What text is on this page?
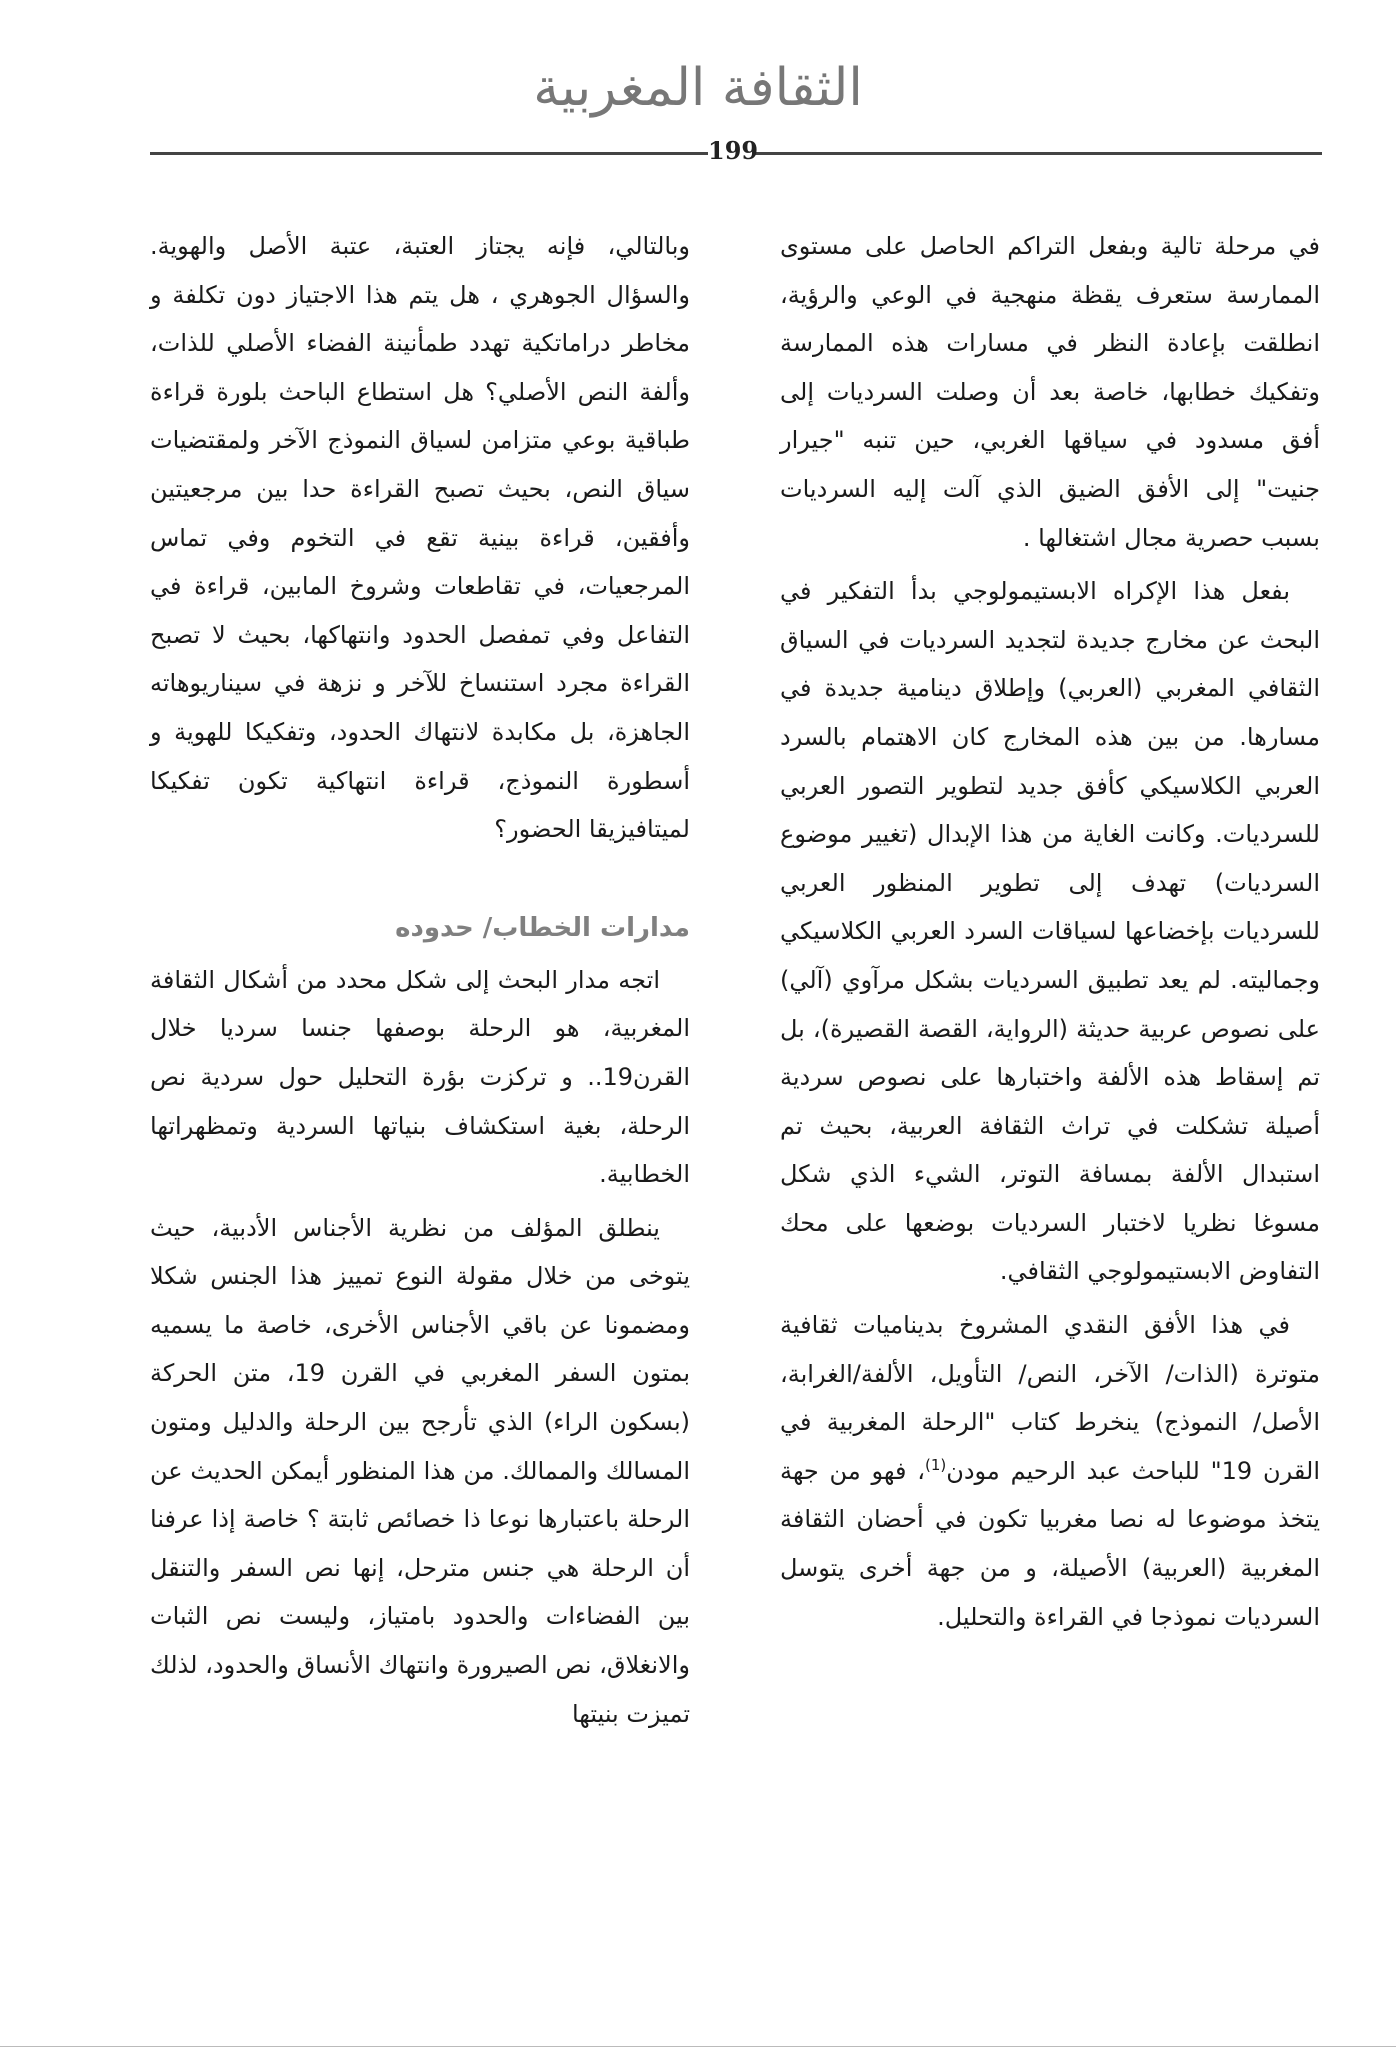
الثقافة المغربية
199

في مرحلة تالية وبفعل التراكم الحاصل على مستوى الممارسة ستعرف يقظة منهجية في الوعي والرؤية، انطلقت بإعادة النظر في مسارات هذه الممارسة وتفكيك خطابها، خاصة بعد أن وصلت السرديات إلى أفق مسدود في سياقها الغربي، حين تنبه "جيرار جنيت" إلى الأفق الضيق الذي آلت إليه السرديات بسبب حصرية مجال اشتغالها .

بفعل هذا الإكراه الابستيمولوجي بدأ التفكير في البحث عن مخارج جديدة لتجديد السرديات في السياق الثقافي المغربي (العربي) وإطلاق دينامية جديدة في مسارها. من بين هذه المخارج كان الاهتمام بالسرد العربي الكلاسيكي كأفق جديد لتطوير التصور العربي للسرديات. وكانت الغاية من هذا الإبدال (تغيير موضوع السرديات) تهدف إلى تطوير المنظور العربي للسرديات بإخضاعها لسياقات السرد العربي الكلاسيكي وجماليته. لم يعد تطبيق السرديات بشكل مرآوي (آلي) على نصوص عربية حديثة (الرواية، القصة القصيرة)، بل تم إسقاط هذه الألفة واختبارها على نصوص سردية أصيلة تشكلت في تراث الثقافة العربية، بحيث تم استبدال الألفة بمسافة التوتر، الشيء الذي شكل مسوغا نظريا لاختبار السرديات بوضعها على محك التفاوض الابستيمولوجي الثقافي.

في هذا الأفق النقدي المشروخ بديناميات ثقافية متوترة (الذات/ الآخر، النص/ التأويل، الألفة/الغرابة، الأصل/ النموذج) ينخرط كتاب "الرحلة المغربية في القرن 19" للباحث عبد الرحيم مودن$^{(1)}$، فهو من جهة يتخذ موضوعا له نصا مغربيا تكون في أحضان الثقافة المغربية (العربية) الأصيلة، و من جهة أخرى يتوسل السرديات نموذجا في القراءة والتحليل.

وبالتالي، فإنه يجتاز العتبة، عتبة الأصل والهوية. والسؤال الجوهري ، هل يتم هذا الاجتياز دون تكلفة و مخاطر دراماتكية تهدد طمأنينة الفضاء الأصلي للذات، وألفة النص الأصلي؟ هل استطاع الباحث بلورة قراءة طباقية بوعي متزامن لسياق النموذج الآخر ولمقتضيات سياق النص، بحيث تصبح القراءة حدا بين مرجعيتين وأفقين، قراءة بينية تقع في التخوم وفي تماس المرجعيات، في تقاطعات وشروخ المابين، قراءة في التفاعل وفي تمفصل الحدود وانتهاكها، بحيث لا تصبح القراءة مجرد استنساخ للآخر و نزهة في سيناريوهاته الجاهزة، بل مكابدة لانتهاك الحدود، وتفكيكا للهوية و أسطورة النموذج، قراءة انتهاكية تكون تفكيكا لميتافيزيقا الحضور؟

مدارات الخطاب/ حدوده

اتجه مدار البحث إلى شكل محدد من أشكال الثقافة المغربية، هو الرحلة بوصفها جنسا سرديا خلال القرن19.. و تركزت بؤرة التحليل حول سردية نص الرحلة، بغية استكشاف بنياتها السردية وتمظهراتها الخطابية.

ينطلق المؤلف من نظرية الأجناس الأدبية، حيث يتوخى من خلال مقولة النوع تمييز هذا الجنس شكلا ومضمونا عن باقي الأجناس الأخرى، خاصة ما يسميه بمتون السفر المغربي في القرن 19، متن الحركة (بسكون الراء) الذي تأرجح بين الرحلة والدليل ومتون المسالك والممالك. من هذا المنظور أيمكن الحديث عن الرحلة باعتبارها نوعا ذا خصائص ثابتة ؟ خاصة إذا عرفنا أن الرحلة هي جنس مترحل، إنها نص السفر والتنقل بين الفضاءات والحدود بامتياز، وليست نص الثبات والانغلاق، نص الصيرورة وانتهاك الأنساق والحدود، لذلك تميزت بنيتها
